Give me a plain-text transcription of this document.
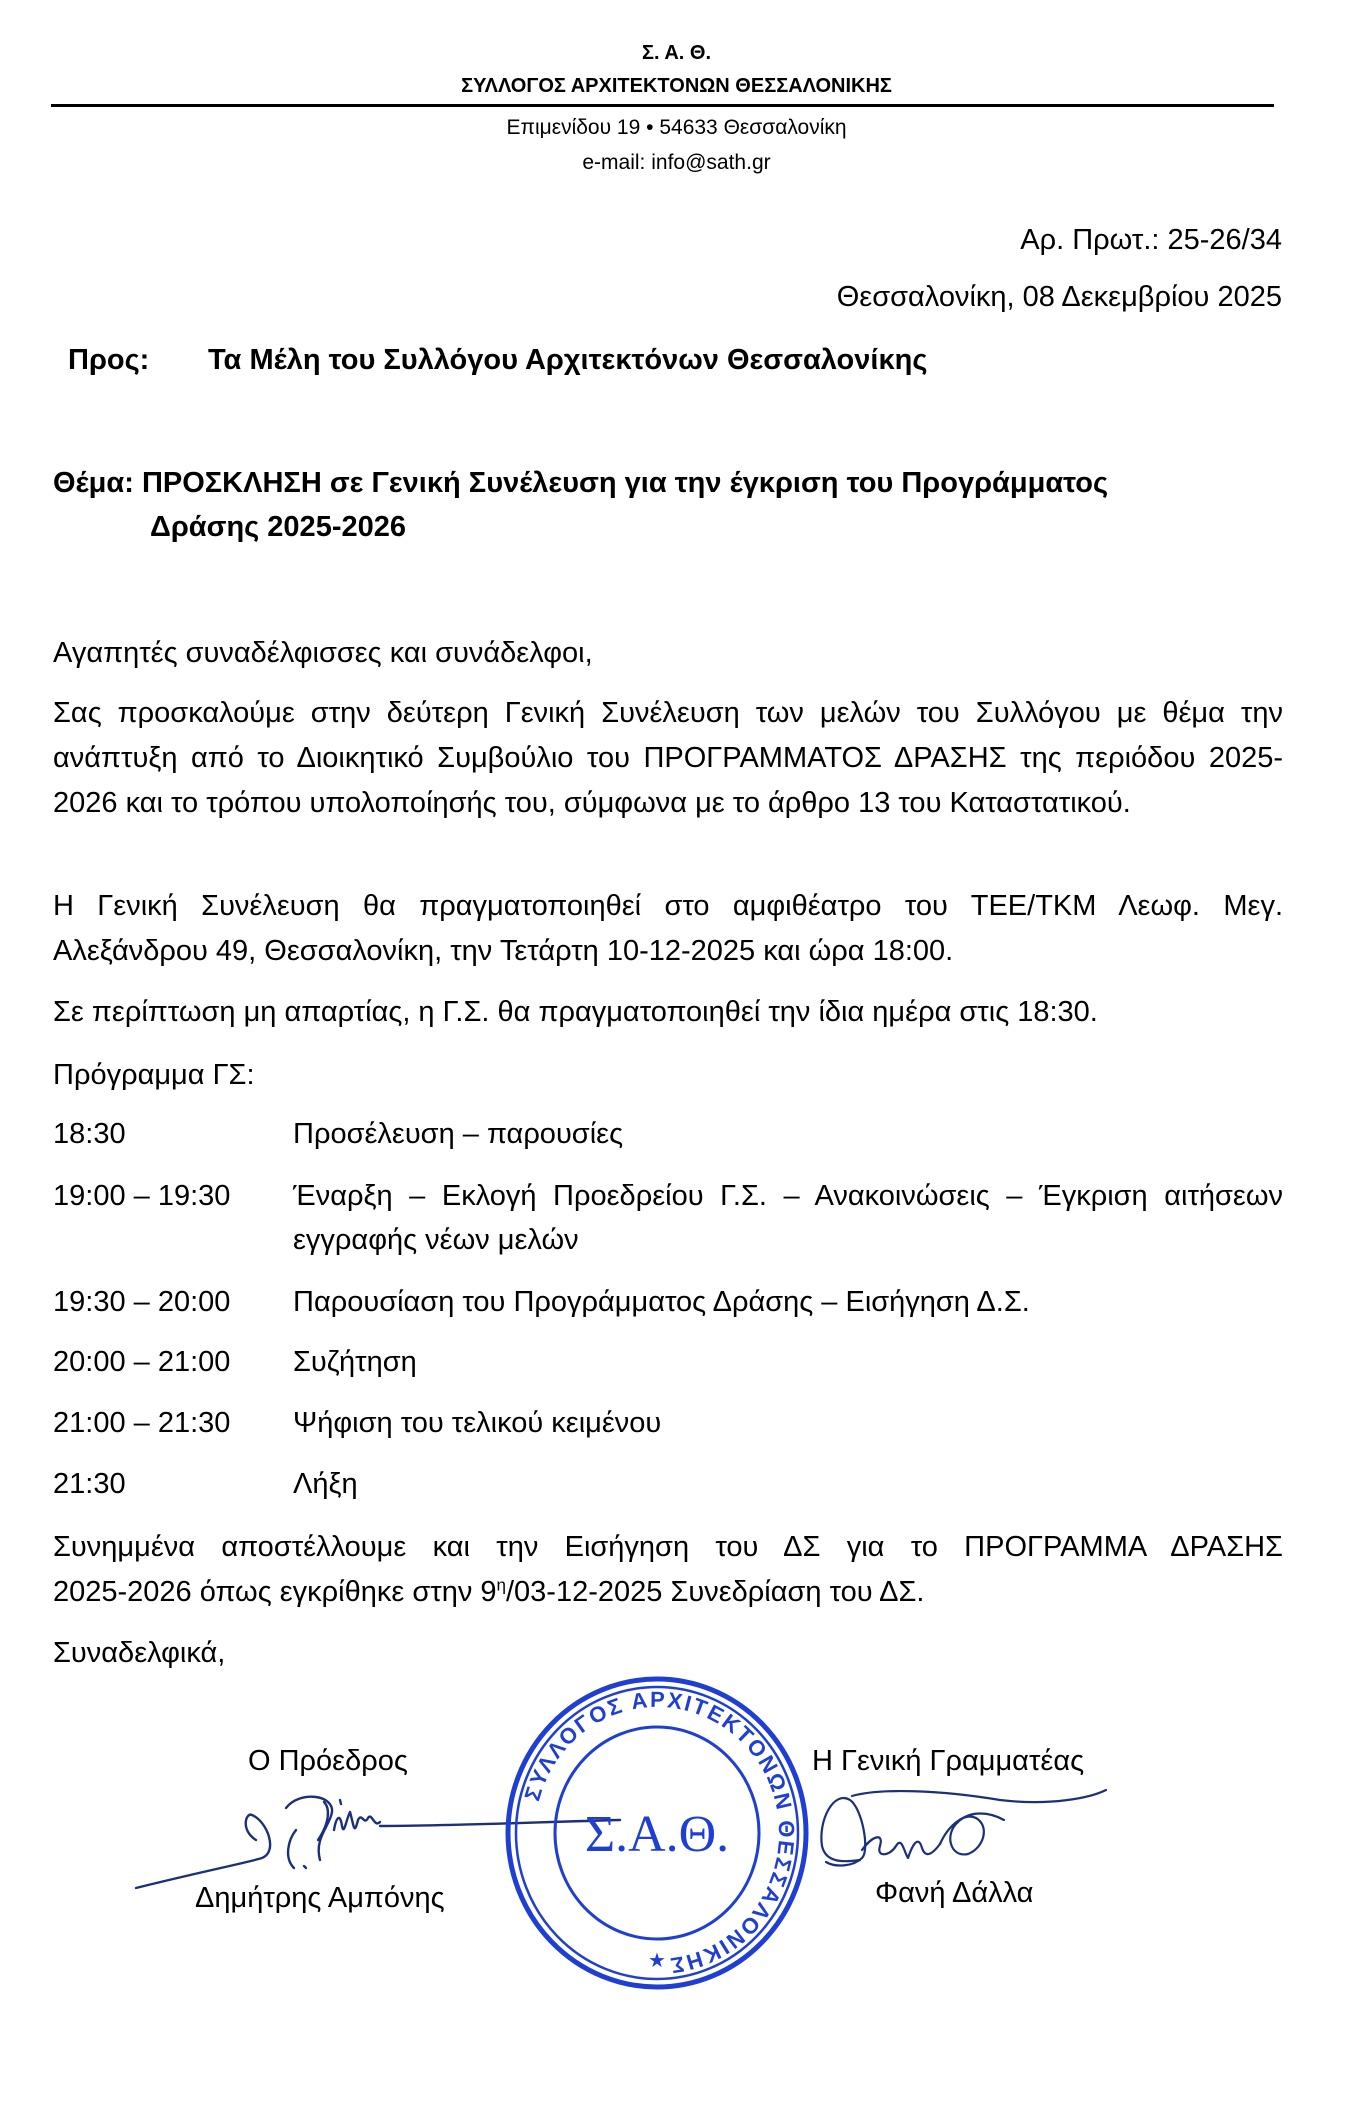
Σ. Α. Θ.
ΣΥΛΛΟΓΟΣ ΑΡΧΙΤΕΚΤΟΝΩΝ ΘΕΣΣΑΛΟΝΙΚΗΣ
Επιμενίδου 19 • 54633 Θεσσαλονίκη
e-mail: info@sath.gr
Αρ. Πρωτ.: 25-26/34
Θεσσαλονίκη, 08 Δεκεμβρίου 2025
Προς: Τα Μέλη του Συλλόγου Αρχιτεκτόνων Θεσσαλονίκης
Θέμα: ΠΡΟΣΚΛΗΣΗ σε Γενική Συνέλευση για την έγκριση του Προγράμματος
Δράσης 2025-2026
Αγαπητές συναδέλφισσες και συνάδελφοι,
Σας προσκαλούμε στην δεύτερη Γενική Συνέλευση των μελών του Συλλόγου με θέμα την ανάπτυξη από το Διοικητικό Συμβούλιο του ΠΡΟΓΡΑΜΜΑΤΟΣ ΔΡΑΣΗΣ της περιόδου 2025-2026 και το τρόπου υπολοποίησής του, σύμφωνα με το άρθρο 13 του Καταστατικού.
Η Γενική Συνέλευση θα πραγματοποιηθεί στο αμφιθέατρο του ΤΕΕ/ΤΚΜ Λεωφ. Μεγ.
Αλεξάνδρου 49, Θεσσαλονίκη, την Τετάρτη 10-12-2025 και ώρα 18:00.
Σε περίπτωση μη απαρτίας, η Γ.Σ. θα πραγματοποιηθεί την ίδια ημέρα στις 18:30.
Πρόγραμμα ΓΣ:
18:30	Προσέλευση – παρουσίες
19:00 – 19:30 Έναρξη – Εκλογή Προεδρείου Γ.Σ. – Ανακοινώσεις – Έγκριση αιτήσεων εγγραφής νέων μελών
19:30 – 20:00 Παρουσίαση του Προγράμματος Δράσης – Εισήγηση Δ.Σ.
20:00 – 21:00 Συζήτηση
21:00 – 21:30 Ψήφιση του τελικού κειμένου
21:30	Λήξη
Συνημμένα αποστέλλουμε και την Εισήγηση του ΔΣ για το ΠΡΟΓΡΑΜΜΑ ΔΡΑΣΗΣ
2025-2026 όπως εγκρίθηκε στην $9^\eta/03-12-2025$ Συνεδρίαση του ΔΣ.
Συναδελφικά,
Ο Πρόεδρος
Δημήτρης Αμπόνης
Η Γενική Γραμματέας
Φανή Δάλλα
ΣΥΛΛΟΓΟΣ ΑΡΧΙΤΕΚΤΟΝΩΝ ΘΕΣΣΑΛΟΝΙΚΗΣ
Σ.Α.Θ.
★
